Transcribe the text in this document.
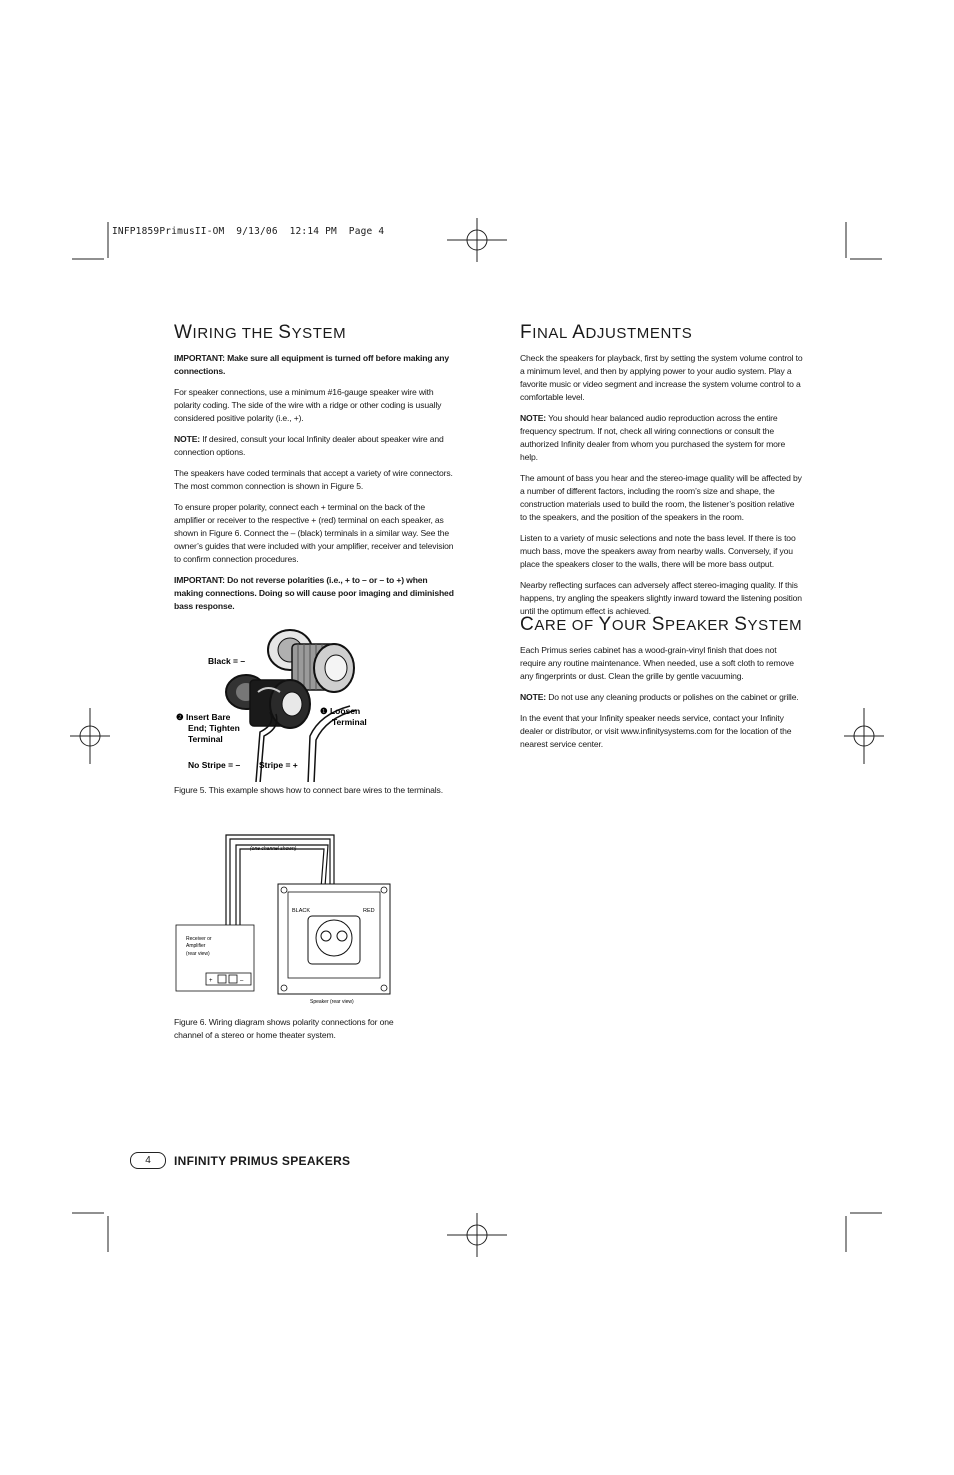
INFP1859PrimusII-OM  9/13/06  12:14 PM  Page 4
WIRING THE SYSTEM

IMPORTANT: Make sure all equipment is turned off before making any connections.

For speaker connections, use a minimum #16-gauge speaker wire with polarity coding. The side of the wire with a ridge or other coding is usually considered positive polarity (i.e., +).

NOTE: If desired, consult your local Infinity dealer about speaker wire and connection options.

The speakers have coded terminals that accept a variety of wire connectors. The most common connection is shown in Figure 5.

To ensure proper polarity, connect each + terminal on the back of the amplifier or receiver to the respective + (red) terminal on each speaker, as shown in Figure 6. Connect the – (black) terminals in a similar way. See the owner’s guides that were included with your amplifier, receiver and television to confirm connection procedures.

IMPORTANT: Do not reverse polarities (i.e., + to – or – to +) when making connections. Doing so will cause poor imaging and diminished bass response.

Black = –
❷ Insert Bare
End; Tighten
Terminal
❶ Loosen
Terminal
No Stripe = – Stripe = +
Figure 5. This example shows how to connect bare wires to the terminals.
(one channel shown)
Receiver or
Amplifier
(rear view)
+	–
BLACK	RED
Speaker (rear view)
Figure 6. Wiring diagram shows polarity connections for one channel of a stereo or home theater system.
FINAL ADJUSTMENTS

Check the speakers for playback, first by setting the system volume control to a minimum level, and then by applying power to your audio system. Play a favorite music or video segment and increase the system volume control to a comfortable level.

NOTE: You should hear balanced audio reproduction across the entire frequency spectrum. If not, check all wiring connections or consult the authorized Infinity dealer from whom you purchased the system for more help.

The amount of bass you hear and the stereo-image quality will be affected by a number of different factors, including the room’s size and shape, the construction materials used to build the room, the listener’s position relative to the speakers, and the position of the speakers in the room.

Listen to a variety of music selections and note the bass level. If there is too much bass, move the speakers away from nearby walls. Conversely, if you place the speakers closer to the walls, there will be more bass output.

Nearby reflecting surfaces can adversely affect stereo-imaging quality. If this happens, try angling the speakers slightly inward toward the listening position until the optimum effect is achieved.

CARE OF YOUR SPEAKER SYSTEM

Each Primus series cabinet has a wood-grain-vinyl finish that does not require any routine maintenance. When needed, use a soft cloth to remove any fingerprints or dust. Clean the grille by gentle vacuuming.

NOTE: Do not use any cleaning products or polishes on the cabinet or grille.

In the event that your Infinity speaker needs service, contact your Infinity dealer or distributor, or visit www.infinitysystems.com for the location of the nearest service center.

4	INFINITY PRIMUS SPEAKERS
